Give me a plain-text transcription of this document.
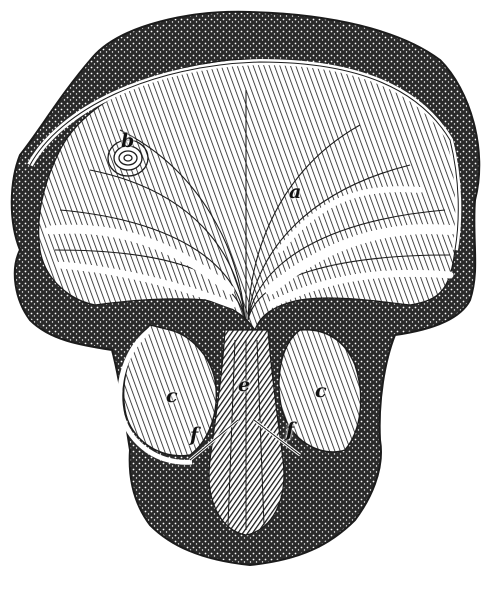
a
b
c	c
e
f	f
